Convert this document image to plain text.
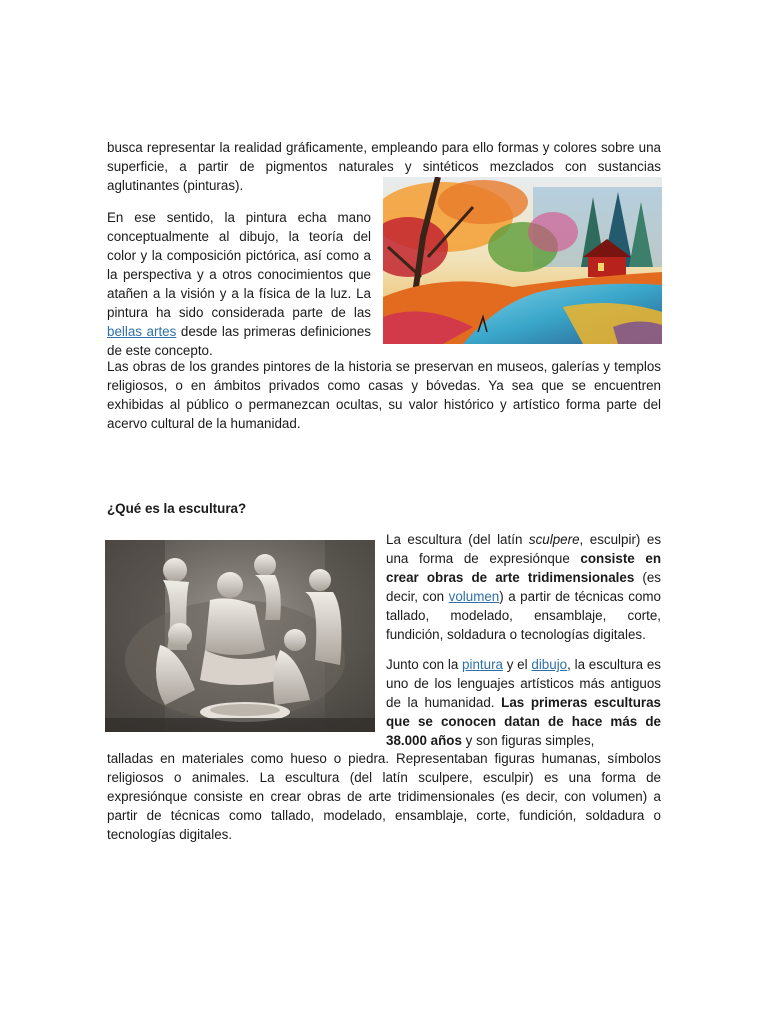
busca representar la realidad gráficamente, empleando para ello formas y colores sobre una superficie, a partir de pigmentos naturales y sintéticos mezclados con sustancias aglutinantes (pinturas).

En ese sentido, la pintura echa mano conceptualmente al dibujo, la teoría del color y la composición pictórica, así como a la perspectiva y a otros conocimientos que atañen a la visión y a la física de la luz. La pintura ha sido considerada parte de las bellas artes desde las primeras definiciones de este concepto.

Las obras de los grandes pintores de la historia se preservan en museos, galerías y templos religiosos, o en ámbitos privados como casas y bóvedas. Ya sea que se encuentren exhibidas al público o permanezcan ocultas, su valor histórico y artístico forma parte del acervo cultural de la humanidad.

¿Qué es la escultura?

La escultura (del latín sculpere, esculpir) es una forma de expresiónque consiste en crear obras de arte tridimensionales (es decir, con volumen) a partir de técnicas como tallado, modelado, ensamblaje, corte, fundición, soldadura o tecnologías digitales.

Junto con la pintura y el dibujo, la escultura es uno de los lenguajes artísticos más antiguos de la humanidad. Las primeras esculturas que se conocen datan de hace más de 38.000 años y son figuras simples,

talladas en materiales como hueso o piedra. Representaban figuras humanas, símbolos religiosos o animales. La escultura (del latín sculpere, esculpir) es una forma de expresiónque consiste en crear obras de arte tridimensionales (es decir, con volumen) a partir de técnicas como tallado, modelado, ensamblaje, corte, fundición, soldadura o tecnologías digitales.
